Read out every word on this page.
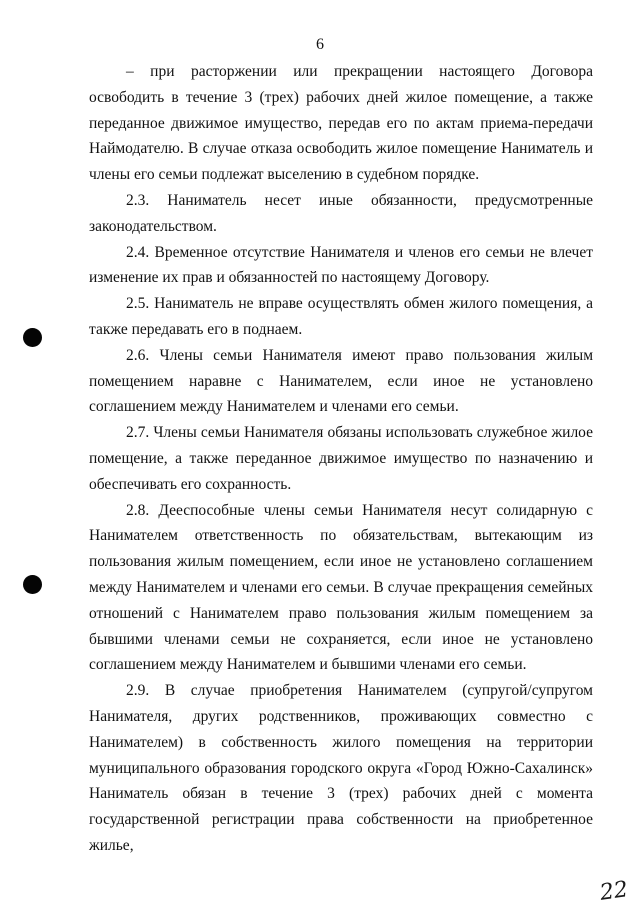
6

– при расторжении или прекращении настоящего Договора освободить в течение 3 (трех) рабочих дней жилое помещение, а также переданное движимое имущество, передав его по актам приема-передачи Наймодателю. В случае отказа освободить жилое помещение Наниматель и члены его семьи подлежат выселению в судебном порядке.

2.3. Наниматель несет иные обязанности, предусмотренные законодательством.

2.4. Временное отсутствие Нанимателя и членов его семьи не влечет изменение их прав и обязанностей по настоящему Договору.

2.5. Наниматель не вправе осуществлять обмен жилого помещения, а также передавать его в поднаем.

2.6. Члены семьи Нанимателя имеют право пользования жилым помещением наравне с Нанимателем, если иное не установлено соглашением между Нанимателем и членами его семьи.

2.7. Члены семьи Нанимателя обязаны использовать служебное жилое помещение, а также переданное движимое имущество по назначению и обеспечивать его сохранность.

2.8. Дееспособные члены семьи Нанимателя несут солидарную с Нанимателем ответственность по обязательствам, вытекающим из пользования жилым помещением, если иное не установлено соглашением между Нанимателем и членами его семьи. В случае прекращения семейных отношений с Нанимателем право пользования жилым помещением за бывшими членами семьи не сохраняется, если иное не установлено соглашением между Нанимателем и бывшими членами его семьи.

2.9. В случае приобретения Нанимателем (супругой/супругом Нанимателя, других родственников, проживающих совместно с Нанимателем) в собственность жилого помещения на территории муниципального образования городского округа «Город Южно-Сахалинск» Наниматель обязан в течение 3 (трех) рабочих дней с момента государственной регистрации права собственности на приобретенное жилье,

22
